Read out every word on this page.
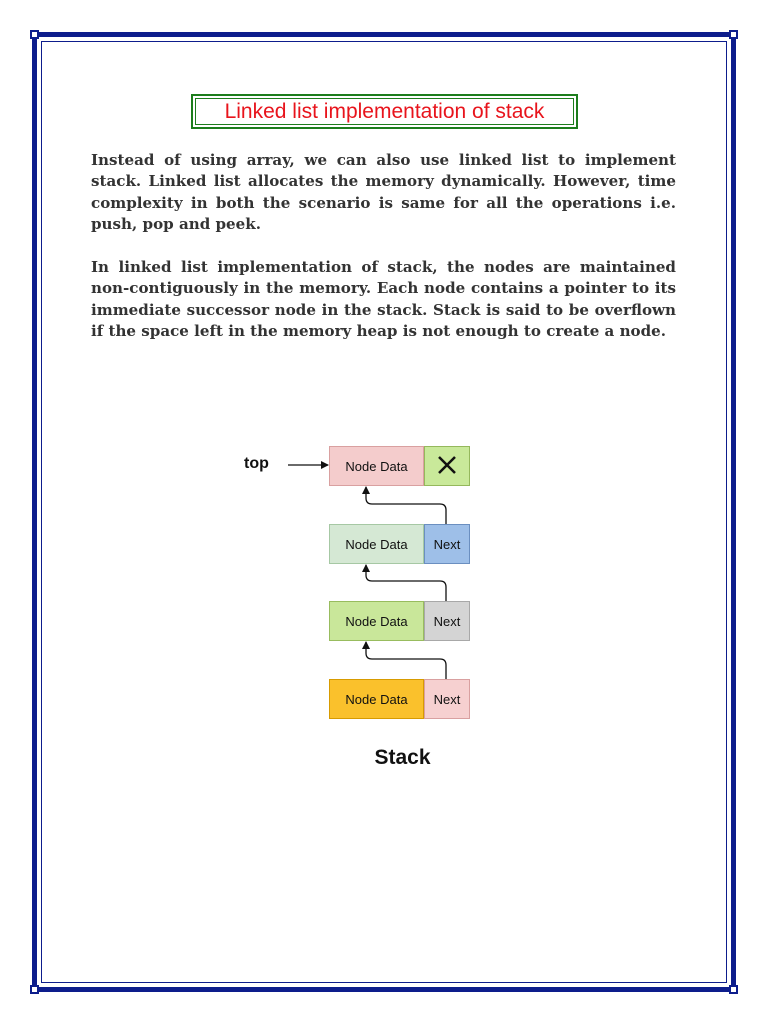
Linked list implementation of stack

Instead of using array, we can also use linked list to implement stack. Linked list allocates the memory dynamically. However, time complexity in both the scenario is same for all the operations i.e. push, pop and peek.

In linked list implementation of stack, the nodes are maintained non-contiguously in the memory. Each node contains a pointer to its immediate successor node in the stack. Stack is said to be overflown if the space left in the memory heap is not enough to create a node.

top	Node Data
Node Data	Next
Node Data	Next
Node Data	Next
Stack
